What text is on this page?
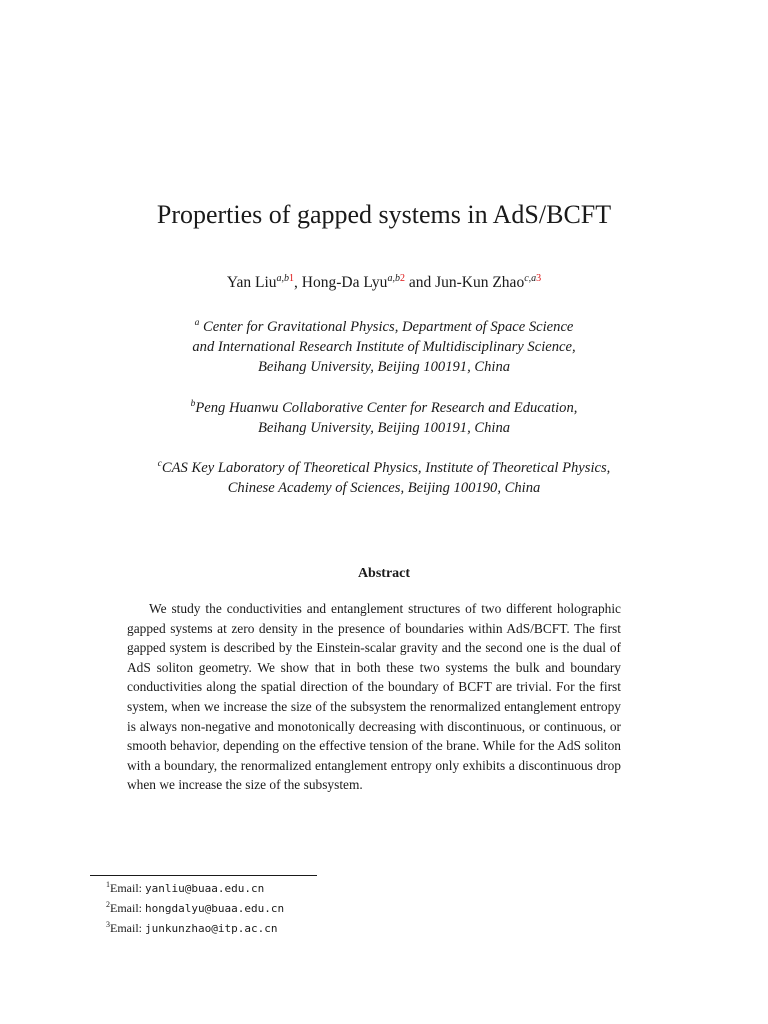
Properties of gapped systems in AdS/BCFT
Yan Liu$^{a,b1}$, Hong-Da Lyu$^{a,b2}$ and Jun-Kun Zhao$^{c,a3}$
$^a$ Center for Gravitational Physics, Department of Space Science
and International Research Institute of Multidisciplinary Science,
Beihang University, Beijing 100191, China
$^b$Peng Huanwu Collaborative Center for Research and Education,
Beihang University, Beijing 100191, China
$^c$CAS Key Laboratory of Theoretical Physics, Institute of Theoretical Physics,
Chinese Academy of Sciences, Beijing 100190, China
Abstract

We study the conductivities and entanglement structures of two different holographic gapped systems at zero density in the presence of boundaries within AdS/BCFT. The first gapped system is described by the Einstein-scalar gravity and the second one is the dual of AdS soliton geometry. We show that in both these two systems the bulk and boundary conductivities along the spatial direction of the boundary of BCFT are trivial. For the first system, when we increase the size of the subsystem the renormalized entanglement entropy is always non-negative and monotonically decreasing with discontinuous, or continuous, or smooth behavior, depending on the effective tension of the brane. While for the AdS soliton with a boundary, the renormalized entanglement entropy only exhibits a discontinuous drop when we increase the size of the subsystem.

$^1$Email: yanliu@buaa.edu.cn
$^2$Email: hongdalyu@buaa.edu.cn
$^3$Email: junkunzhao@itp.ac.cn
